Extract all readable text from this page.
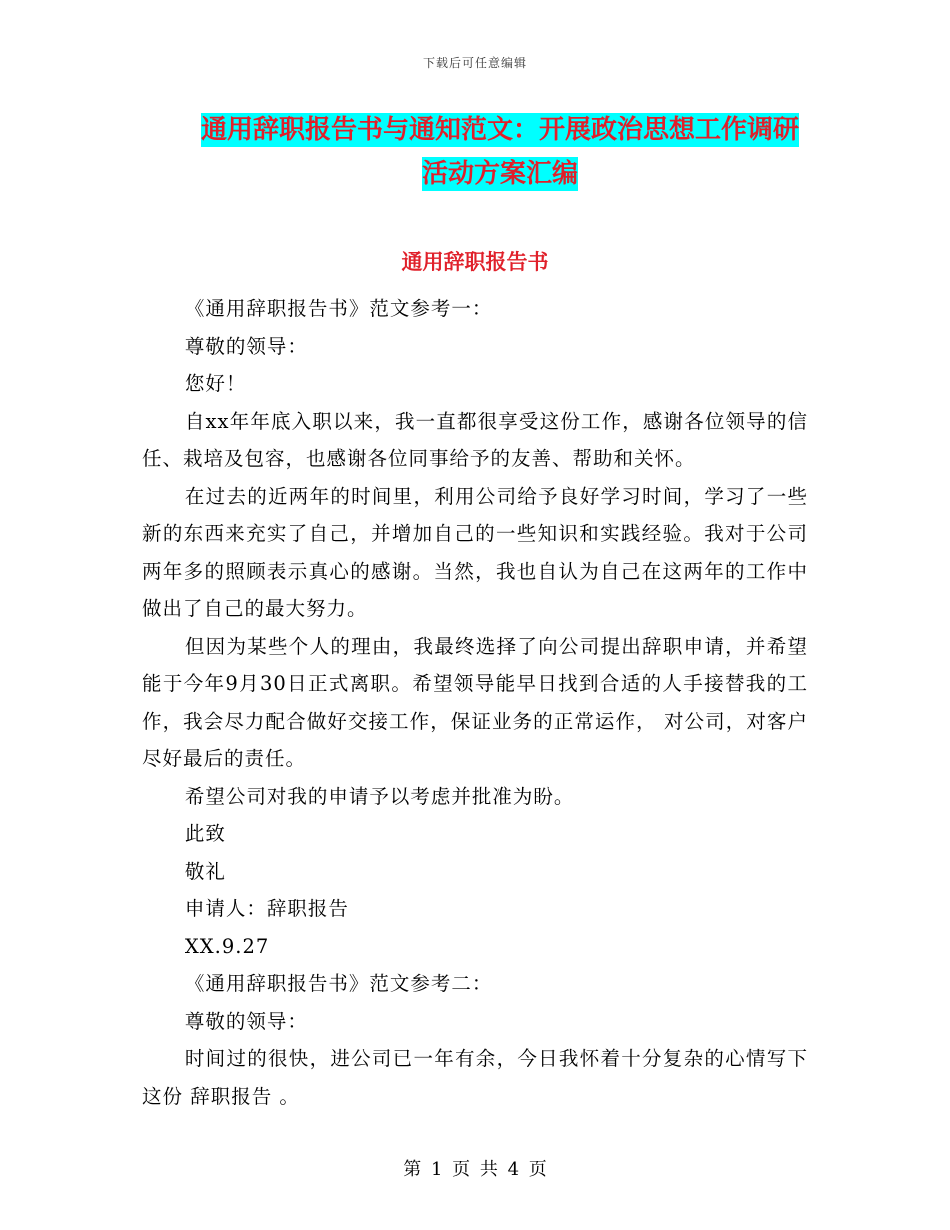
下载后可任意编辑
通用辞职报告书与通知范文：开展政治思想工作调研
活动方案汇编
通用辞职报告书

《通用辞职报告书》范文参考一：

尊敬的领导：

您好！

自xx年年底入职以来，我一直都很享受这份工作，感谢各位领导的信任、栽培及包容，也感谢各位同事给予的友善、帮助和关怀。

在过去的近两年的时间里，利用公司给予良好学习时间，学习了一些新的东西来充实了自己，并增加自己的一些知识和实践经验。我对于公司两年多的照顾表示真心的感谢。当然，我也自认为自己在这两年的工作中做出了自己的最大努力。

但因为某些个人的理由，我最终选择了向公司提出辞职申请，并希望能于今年9月30日正式离职。希望领导能早日找到合适的人手接替我的工作，我会尽力配合做好交接工作，保证业务的正常运作， 对公司，对客户尽好最后的责任。

希望公司对我的申请予以考虑并批准为盼。

此致

敬礼

申请人：辞职报告

XX.9.27

《通用辞职报告书》范文参考二：

尊敬的领导：

时间过的很快，进公司已一年有余，今日我怀着十分复杂的心情写下这份 辞职报告 。

第 1 页 共 4 页
